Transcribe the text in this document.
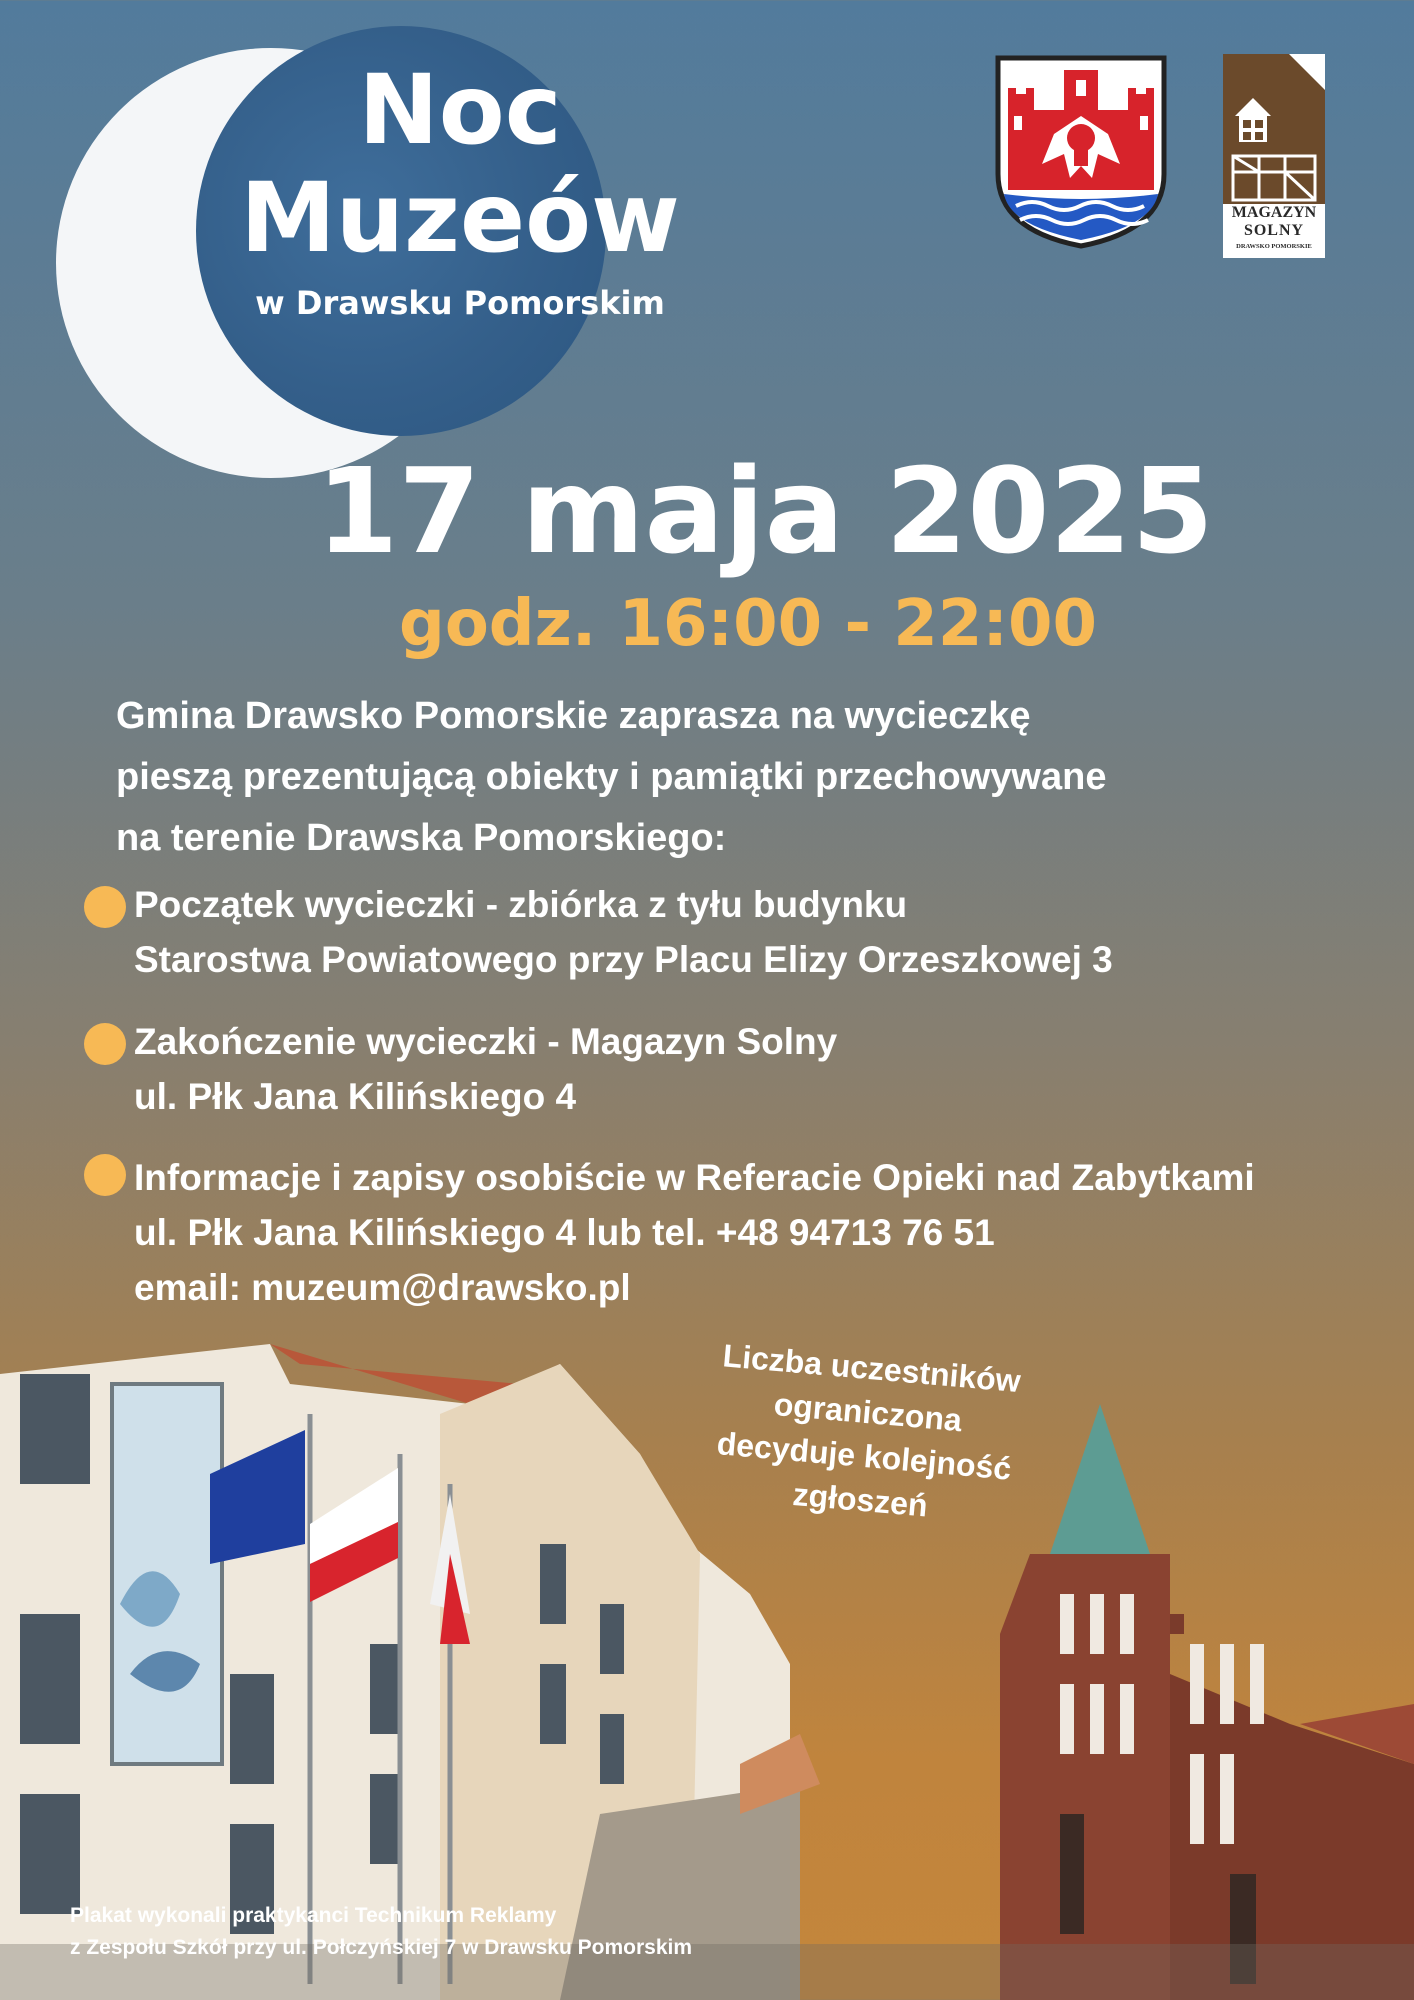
Noc
Muzeów
w Drawsku Pomorskim
MAGAZYN
SOLNY
DRAWSKO POMORSKIE
17 maja 2025
godz. 16:00 - 22:00
Gmina Drawsko Pomorskie zaprasza na wycieczkę
pieszą prezentującą obiekty i pamiątki przechowywane
na terenie Drawska Pomorskiego:
Początek wycieczki - zbiórka z tyłu budynku
Starostwa Powiatowego przy Placu Elizy Orzeszkowej 3
Zakończenie wycieczki - Magazyn Solny
ul. Płk Jana Kilińskiego 4
Informacje i zapisy osobiście w Referacie Opieki nad Zabytkami
ul. Płk Jana Kilińskiego 4 lub tel. +48 94713 76 51
email: muzeum@drawsko.pl
Liczba uczestników
ograniczona
decyduje kolejność
zgłoszeń
Plakat wykonali praktykanci Technikum Reklamy
z Zespołu Szkół przy ul. Połczyńskiej 7 w Drawsku Pomorskim
